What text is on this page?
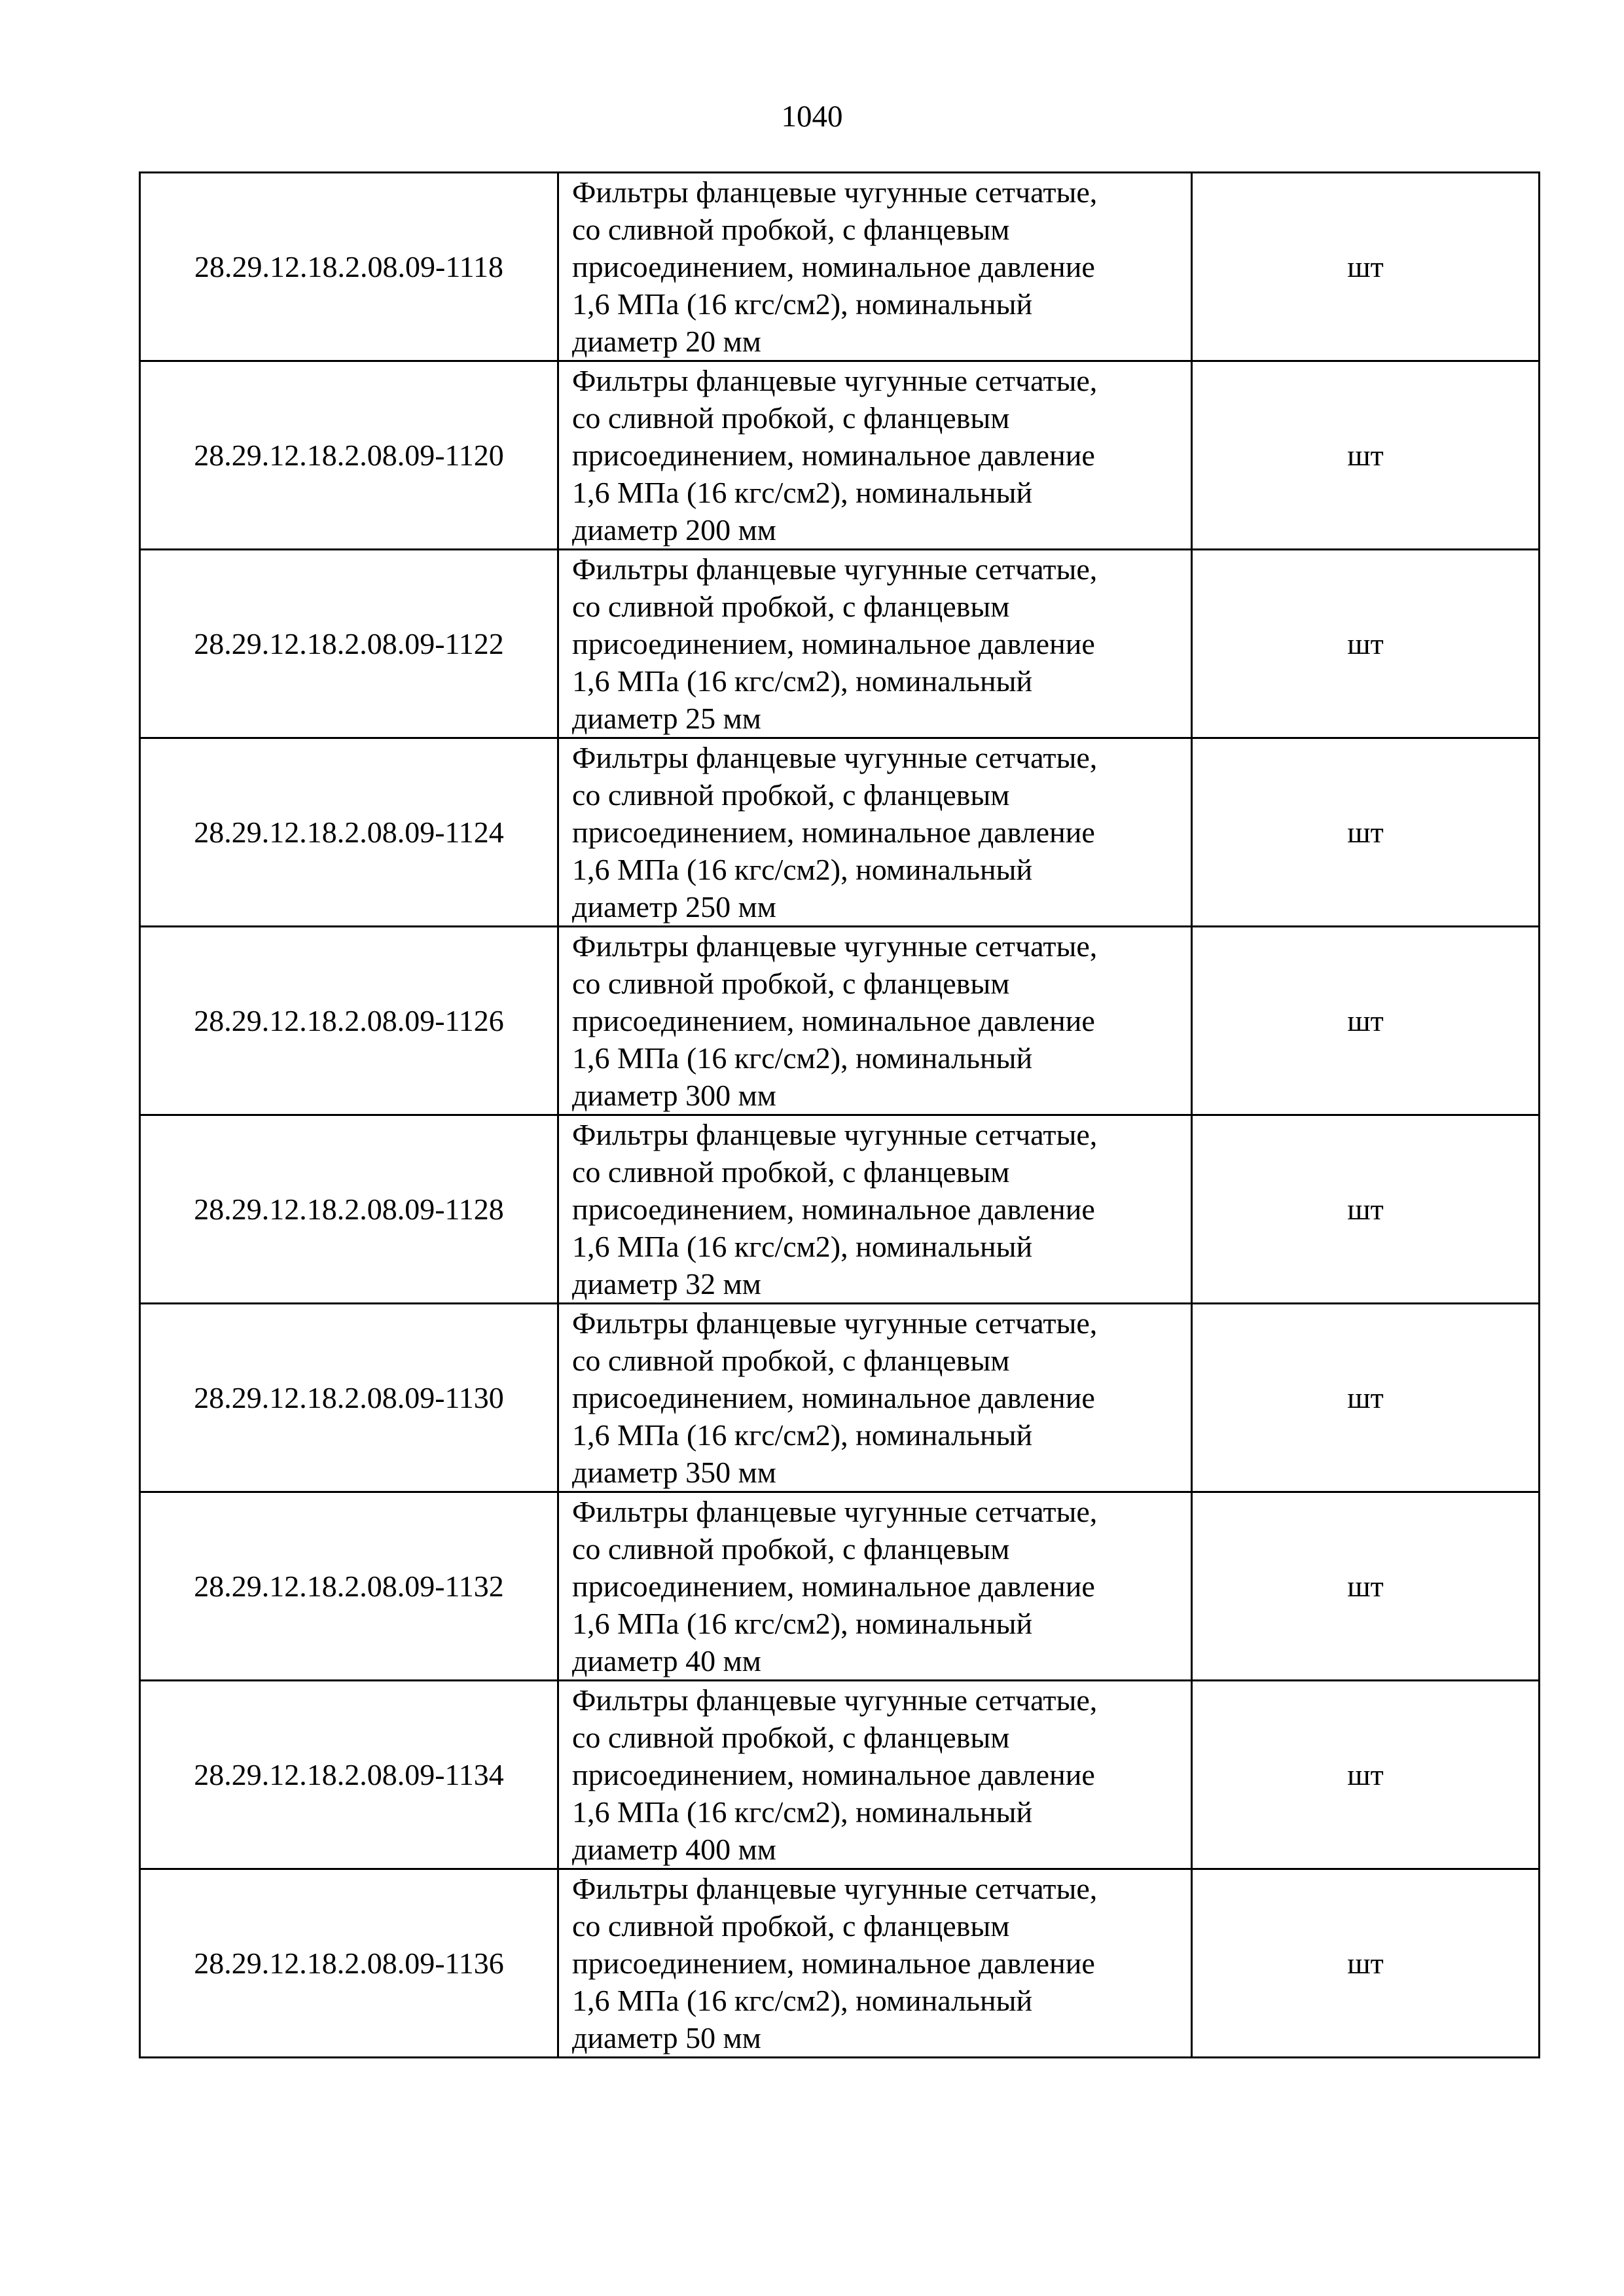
1040
28.29.12.18.2.08.09-1118	Фильтры фланцевые чугунные сетчатые,
со сливной пробкой, с фланцевым
присоединением, номинальное давление
1,6 МПа (16 кгс/см2), номинальный
диаметр 20 мм	шт
28.29.12.18.2.08.09-1120	Фильтры фланцевые чугунные сетчатые,
со сливной пробкой, с фланцевым
присоединением, номинальное давление
1,6 МПа (16 кгс/см2), номинальный
диаметр 200 мм	шт
28.29.12.18.2.08.09-1122	Фильтры фланцевые чугунные сетчатые,
со сливной пробкой, с фланцевым
присоединением, номинальное давление
1,6 МПа (16 кгс/см2), номинальный
диаметр 25 мм	шт
28.29.12.18.2.08.09-1124	Фильтры фланцевые чугунные сетчатые,
со сливной пробкой, с фланцевым
присоединением, номинальное давление
1,6 МПа (16 кгс/см2), номинальный
диаметр 250 мм	шт
28.29.12.18.2.08.09-1126	Фильтры фланцевые чугунные сетчатые,
со сливной пробкой, с фланцевым
присоединением, номинальное давление
1,6 МПа (16 кгс/см2), номинальный
диаметр 300 мм	шт
28.29.12.18.2.08.09-1128	Фильтры фланцевые чугунные сетчатые,
со сливной пробкой, с фланцевым
присоединением, номинальное давление
1,6 МПа (16 кгс/см2), номинальный
диаметр 32 мм	шт
28.29.12.18.2.08.09-1130	Фильтры фланцевые чугунные сетчатые,
со сливной пробкой, с фланцевым
присоединением, номинальное давление
1,6 МПа (16 кгс/см2), номинальный
диаметр 350 мм	шт
28.29.12.18.2.08.09-1132	Фильтры фланцевые чугунные сетчатые,
со сливной пробкой, с фланцевым
присоединением, номинальное давление
1,6 МПа (16 кгс/см2), номинальный
диаметр 40 мм	шт
28.29.12.18.2.08.09-1134	Фильтры фланцевые чугунные сетчатые,
со сливной пробкой, с фланцевым
присоединением, номинальное давление
1,6 МПа (16 кгс/см2), номинальный
диаметр 400 мм	шт
28.29.12.18.2.08.09-1136	Фильтры фланцевые чугунные сетчатые,
со сливной пробкой, с фланцевым
присоединением, номинальное давление
1,6 МПа (16 кгс/см2), номинальный
диаметр 50 мм	шт
